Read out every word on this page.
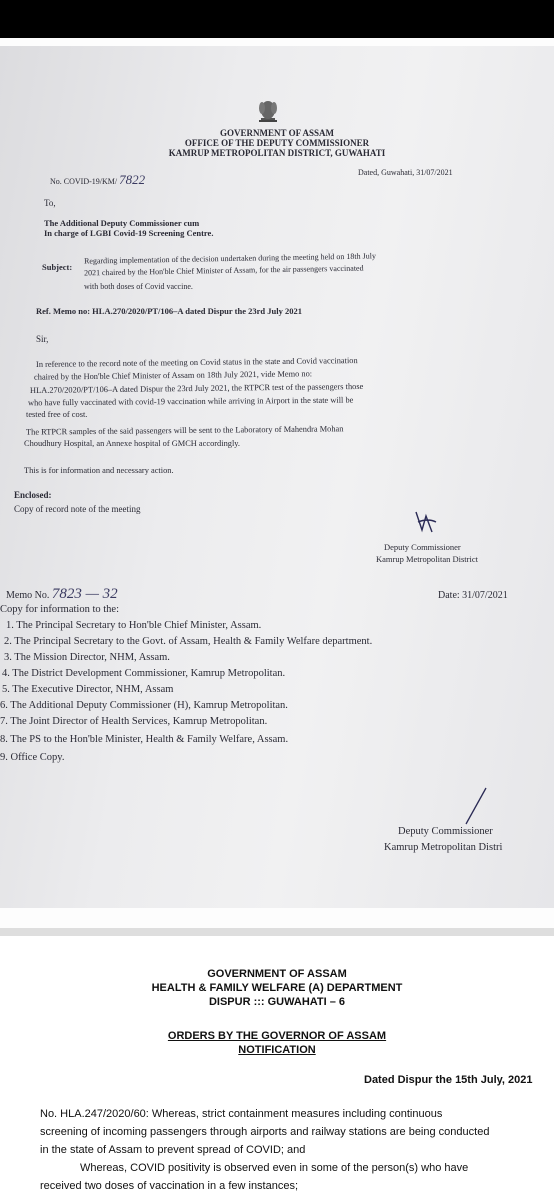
GOVERNMENT OF ASSAM
OFFICE OF THE DEPUTY COMMISSIONER
KAMRUP METROPOLITAN DISTRICT, GUWAHATI
No. COVID-19/KM/ 7822	Dated, Guwahati, 31/07/2021
To,
The Additional Deputy Commissioner cum
In charge of LGBI Covid-19 Screening Centre.
Subject:
Regarding implementation of the decision undertaken during the meeting held on 18th July
2021 chaired by the Hon'ble Chief Minister of Assam, for the air passengers vaccinated
with both doses of Covid vaccine.
Ref. Memo no: HLA.270/2020/PT/106–A dated Dispur the 23rd July 2021
Sir,
In reference to the record note of the meeting on Covid status in the state and Covid vaccination
chaired by the Hon'ble Chief Minister of Assam on 18th July 2021, vide Memo no:
HLA.270/2020/PT/106–A dated Dispur the 23rd July 2021, the RTPCR test of the passengers those
who have fully vaccinated with covid-19 vaccination while arriving in Airport in the state will be
tested free of cost.
The RTPCR samples of the said passengers will be sent to the Laboratory of Mahendra Mohan
Choudhury Hospital, an Annexe hospital of GMCH accordingly.
This is for information and necessary action.
Enclosed:
Copy of record note of the meeting
Deputy Commissioner
Kamrup Metropolitan District
Memo No. 7823 — 32	Date: 31/07/2021
Copy for information to the:
1. The Principal Secretary to Hon'ble Chief Minister, Assam.
2. The Principal Secretary to the Govt. of Assam, Health & Family Welfare department.
3. The Mission Director, NHM, Assam.
4. The District Development Commissioner, Kamrup Metropolitan.
5. The Executive Director, NHM, Assam
6. The Additional Deputy Commissioner (H), Kamrup Metropolitan.
7. The Joint Director of Health Services, Kamrup Metropolitan.
8. The PS to the Hon'ble Minister, Health & Family Welfare, Assam.
9. Office Copy.
Deputy Commissioner
Kamrup Metropolitan Distri
GOVERNMENT OF ASSAM
HEALTH & FAMILY WELFARE (A) DEPARTMENT
DISPUR ::: GUWAHATI – 6
ORDERS BY THE GOVERNOR OF ASSAM
NOTIFICATION
Dated Dispur the 15th July, 2021
No. HLA.247/2020/60: Whereas, strict containment measures including continuous
screening of incoming passengers through airports and railway stations are being conducted
in the state of Assam to prevent spread of COVID; and
Whereas, COVID positivity is observed even in some of the person(s) who have
received two doses of vaccination in a few instances;
